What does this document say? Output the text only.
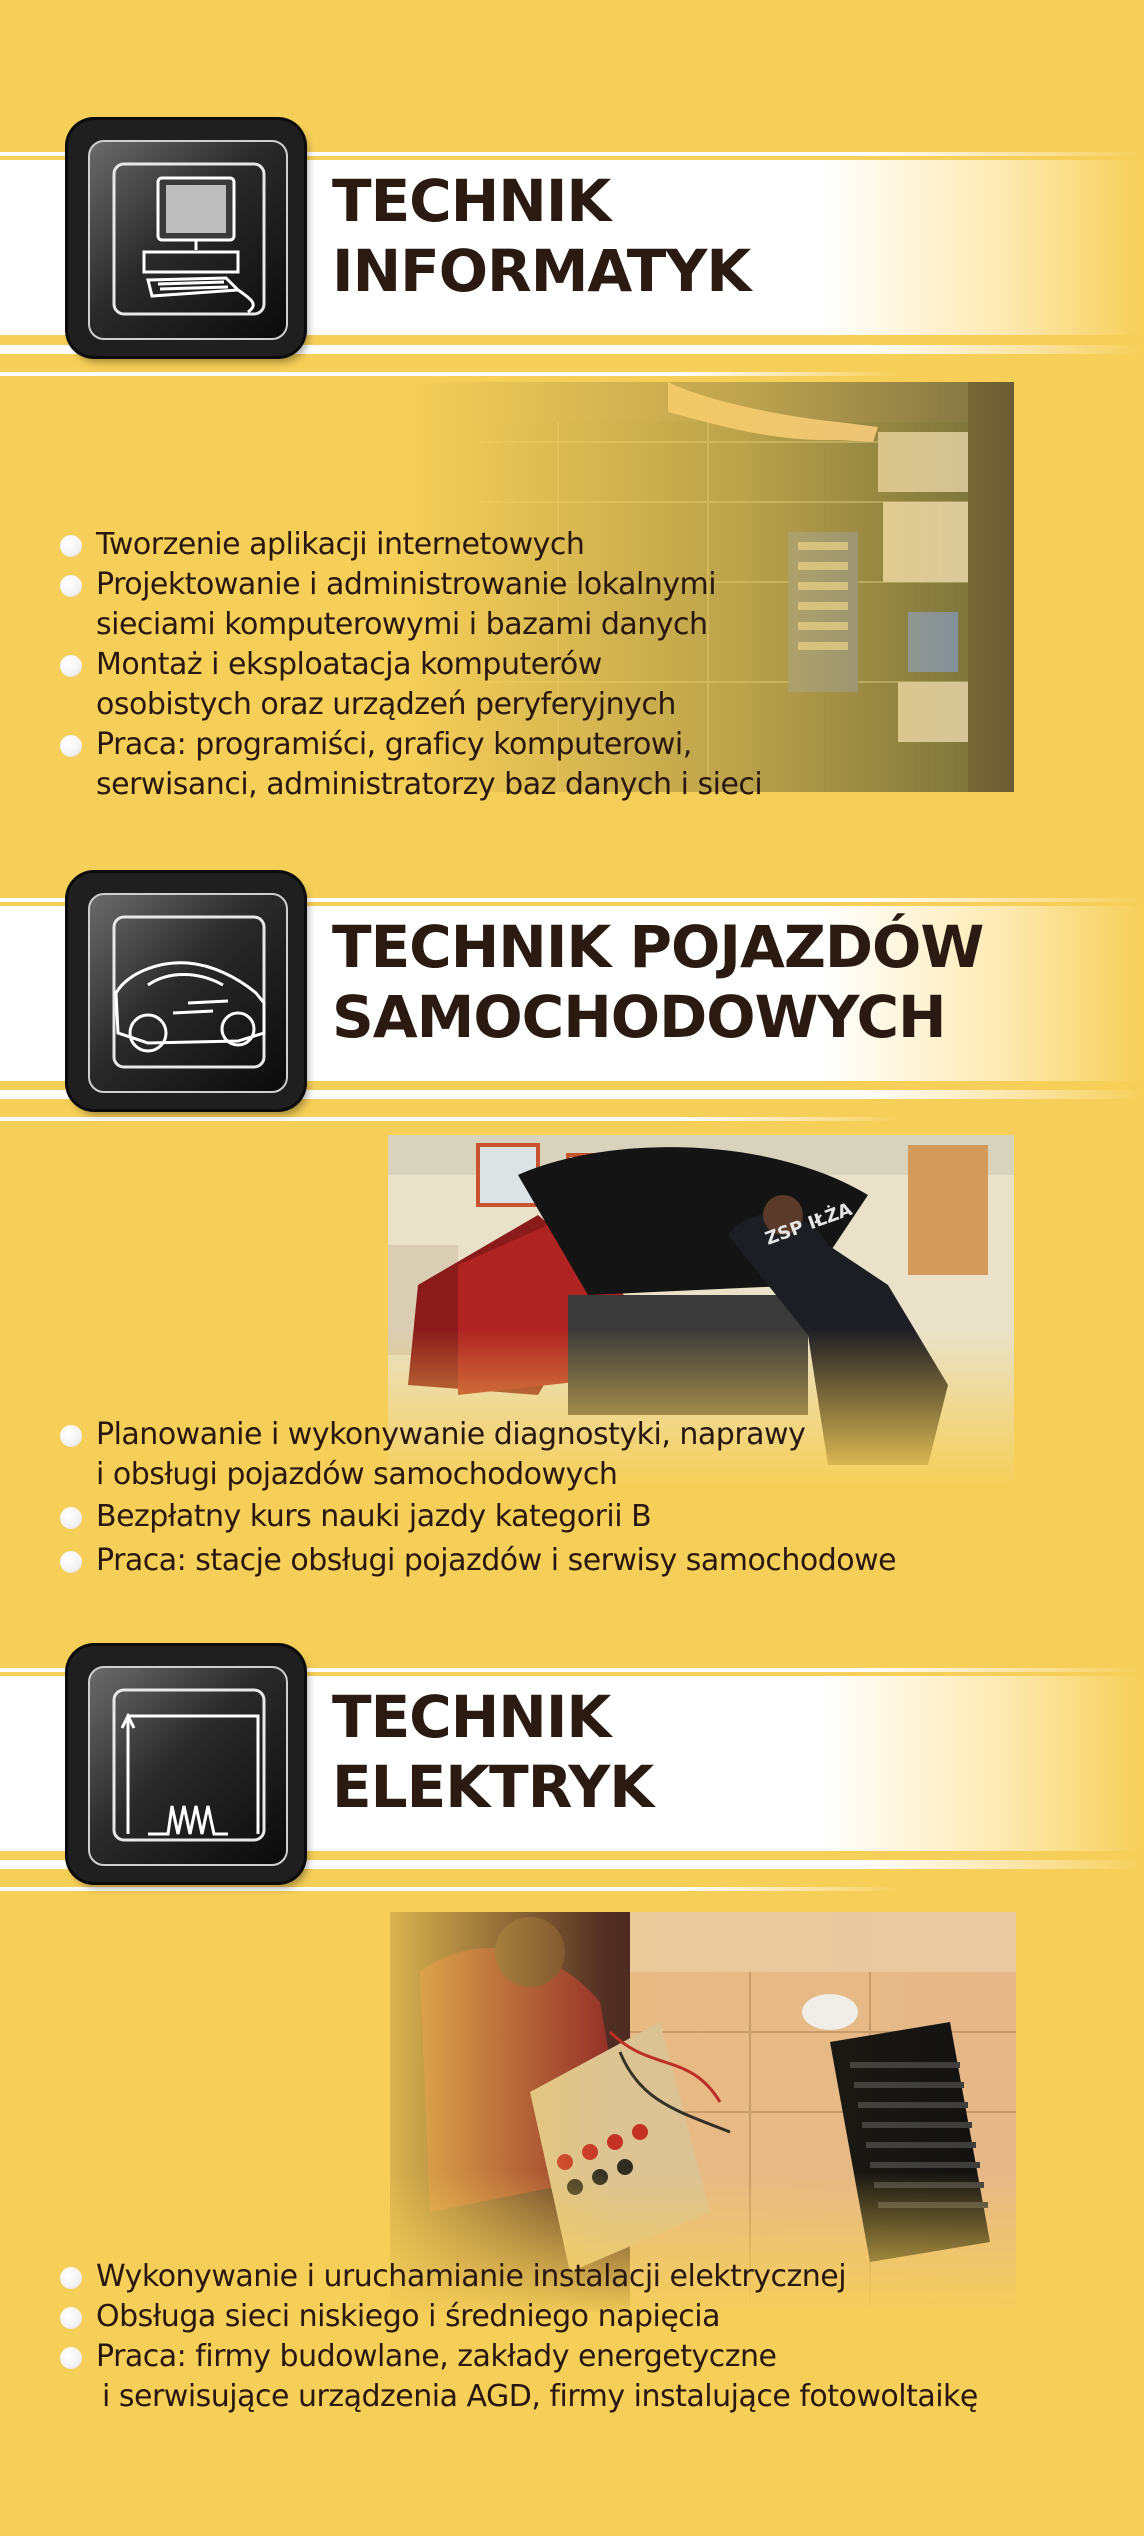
TECHNIK
INFORMATYK
Tworzenie aplikacji internetowych
Projektowanie i administrowanie lokalnymi
sieciami komputerowymi i bazami danych
Montaż i eksploatacja komputerów
osobistych oraz urządzeń peryferyjnych
Praca: programiści, graficy komputerowi,
serwisanci, administratorzy baz danych i sieci
TECHNIK POJAZDÓW
SAMOCHODOWYCH
Planowanie i wykonywanie diagnostyki, naprawy
i obsługi pojazdów samochodowych
Bezpłatny kurs nauki jazdy kategorii B
Praca: stacje obsługi pojazdów i serwisy samochodowe
TECHNIK
ELEKTRYK
Wykonywanie i uruchamianie instalacji elektrycznej
Obsługa sieci niskiego i średniego napięcia
Praca: firmy budowlane, zakłady energetyczne
i serwisujące urządzenia AGD, firmy instalujące fotowoltaikę
